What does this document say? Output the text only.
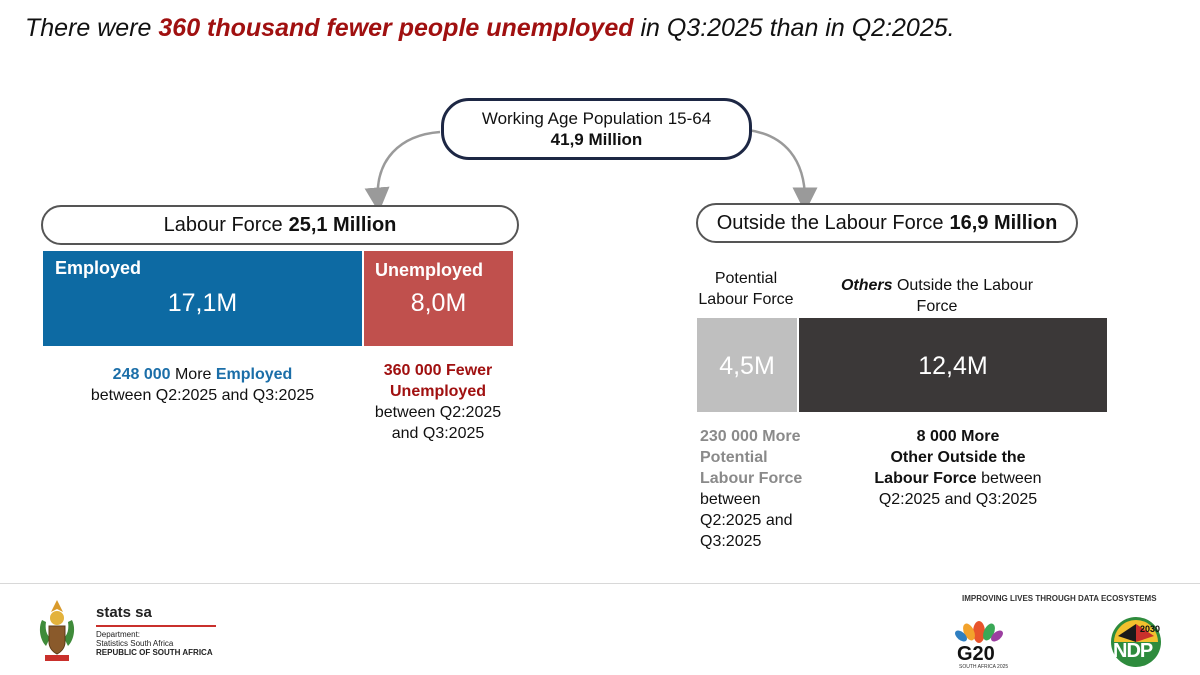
There were 360 thousand fewer people unemployed in Q3:2025 than in Q2:2025.
Working Age Population 15-64
41,9 Million
Labour Force 25,1 Million	Outside the Labour Force 16,9 Million
Employed
17,1M
Unemployed
8,0M
248 000 More Employed
between Q2:2025 and Q3:2025
360 000 Fewer
Unemployed
between Q2:2025
and Q3:2025
Potential
Labour Force
Others Outside the Labour
Force
4,5M	12,4M
230 000 More
Potential
Labour Force
between
Q2:2025 and
Q3:2025
8 000 More
Other Outside the
Labour Force between
Q2:2025 and Q3:2025
stats sa
Department:
Statistics South Africa
REPUBLIC OF SOUTH AFRICA
IMPROVING LIVES THROUGH DATA ECOSYSTEMS
G20
SOUTH AFRICA 2025
2030
NDP
